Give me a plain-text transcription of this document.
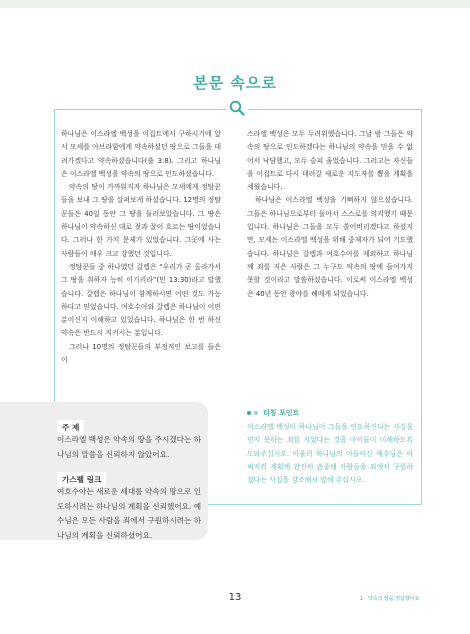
본문 속으로

하나님은 이스라엘 백성을 이집트에서 구하시기에 앞서 모세를 아브라함에게 약속하셨던 땅으로 그들을 데려가겠다고 약속하셨습니다(출 3:8). 그리고 하나님은 이스라엘 백성을 약속의 땅으로 인도하셨습니다.

약속의 땅이 가까워지자 하나님은 모세에게 정탐꾼들을 보내 그 땅을 살펴보게 하셨습니다. 12명의 정탐꾼들은 40일 동안 그 땅을 둘러보았습니다. 그 땅은 하나님이 약속하신 대로 젖과 꿀이 흐르는 땅이었습니다. 그러나 한 가지 문제가 있었습니다. 그곳에 사는 사람들이 매우 크고 강했던 것입니다.

정탐꾼들 중 하나였던 갈렙은 “우리가 곧 올라가서 그 땅을 취하자 능히 이기리라”(민 13:30)라고 말했습니다. 갈렙은 하나님이 함께하시면 어떤 것도 가능하다고 믿었습니다. 여호수아와 갈렙은 하나님이 어떤 분이신지 이해하고 있었습니다. 하나님은 한 번 하신 약속은 반드시 지키시는 분입니다.

그러나 10명의 정탐꾼들의 부정적인 보고를 들은 이

스라엘 백성은 모두 두려워했습니다. 그날 밤 그들은 약속의 땅으로 인도하겠다는 하나님의 약속을 믿을 수 없어서 낙담했고, 모두 슬피 울었습니다. 그러고는 자신들을 이집트로 다시 데려갈 새로운 지도자를 뽑을 계획을 세웠습니다.

하나님은 이스라엘 백성을 기뻐하지 않으셨습니다. 그들은 하나님으로부터 돌아서 스스로를 의지했기 때문입니다. 하나님은 그들을 모두 쓸어버리겠다고 하셨지만, 모세는 이스라엘 백성을 위해 중재자가 되어 기도했습니다. 하나님은 갈렙과 여호수아를 제외하고 하나님께 죄를 지은 사람은 그 누구도 약속의 땅에 들어가지 못할 것이라고 말씀하셨습니다. 이로써 이스라엘 백성은 40년 동안 광야를 헤매게 되었습니다.

티칭 포인트

이스라엘 백성이 하나님이 그들을 인도하신다는 사실을 믿지 못하는 죄를 지었다는 것을 아이들이 이해하도록 도와주십시오. 아울러 하나님의 아들이신 예수님은 아버지의 계획에 완전히 순종해 사람들을 죄에서 구원하셨다는 사실을 강조해서 말해 주십시오.

주 제

이스라엘 백성은 약속의 땅을 주시겠다는 하나님의 말씀을 신뢰하지 않았어요.

가스펠 링크

여호수아는 새로운 세대를 약속의 땅으로 인도하시려는 하나님의 계획을 신뢰했어요. 예수님은 모든 사람을 죄에서 구원하시려는 하나님의 계획을 신뢰하셨어요.

13	1 · 약속의 땅을 정탐했어요
